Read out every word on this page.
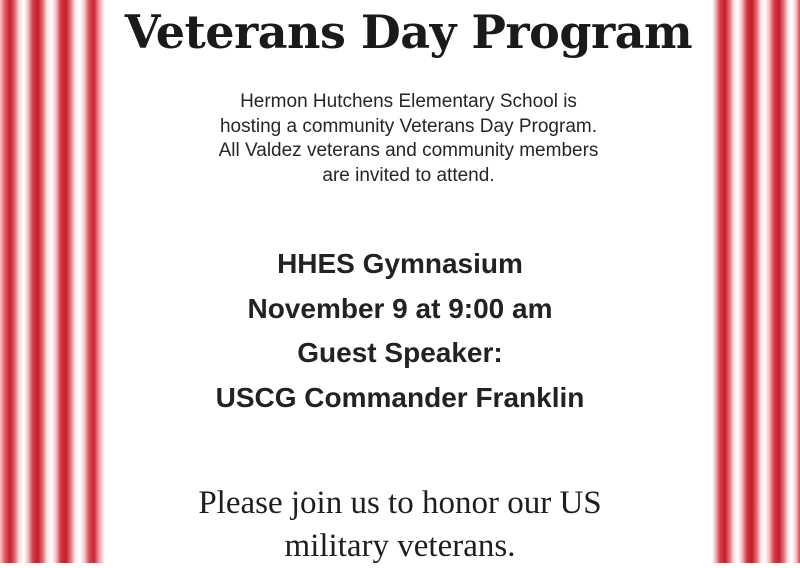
Veterans Day Program
Hermon Hutchens Elementary School is
hosting a community Veterans Day Program.
All Valdez veterans and community members
are invited to attend.
HHES Gymnasium
November 9 at 9:00 am
Guest Speaker:
USCG Commander Franklin
Please join us to honor our US
military veterans.
